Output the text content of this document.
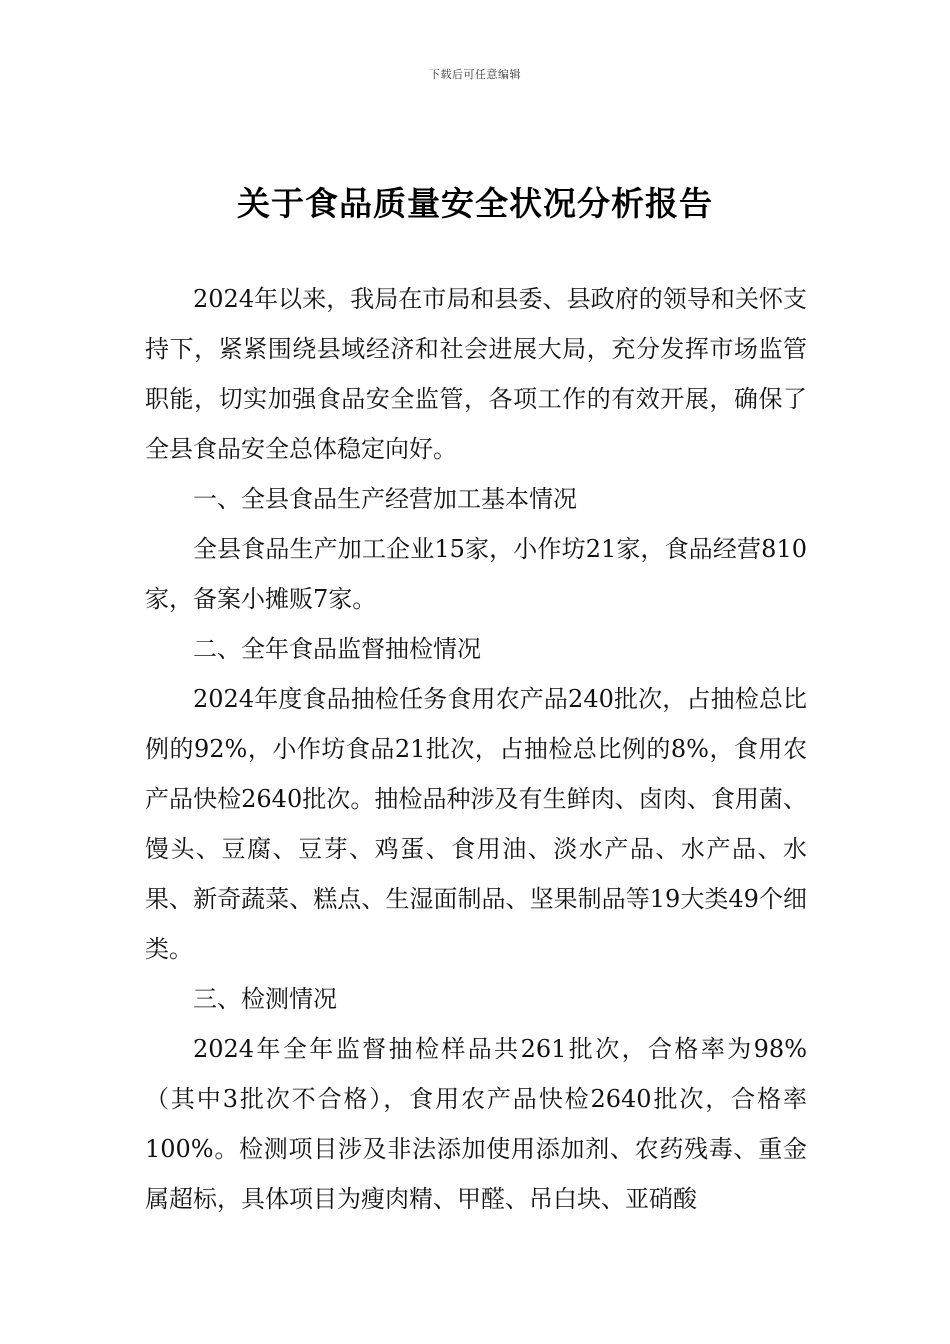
下载后可任意编辑
关于食品质量安全状况分析报告

2024年以来，我局在市局和县委、县政府的领导和关怀支持下，紧紧围绕县域经济和社会进展大局，充分发挥市场监管职能，切实加强食品安全监管，各项工作的有效开展，确保了全县食品安全总体稳定向好。

一、全县食品生产经营加工基本情况

全县食品生产加工企业15家，小作坊21家，食品经营810家，备案小摊贩7家。

二、全年食品监督抽检情况

2024年度食品抽检任务食用农产品240批次，占抽检总比例的92%，小作坊食品21批次，占抽检总比例的8%，食用农产品快检2640批次。抽检品种涉及有生鲜肉、卤肉、食用菌、馒头、豆腐、豆芽、鸡蛋、食用油、淡水产品、水产品、水果、新奇蔬菜、糕点、生湿面制品、坚果制品等19大类49个细类。

三、检测情况

2024年全年监督抽检样品共261批次，合格率为98%（其中3批次不合格），食用农产品快检2640批次，合格率100%。检测项目涉及非法添加使用添加剂、农药残毒、重金属超标，具体项目为瘦肉精、甲醛、吊白块、亚硝酸
